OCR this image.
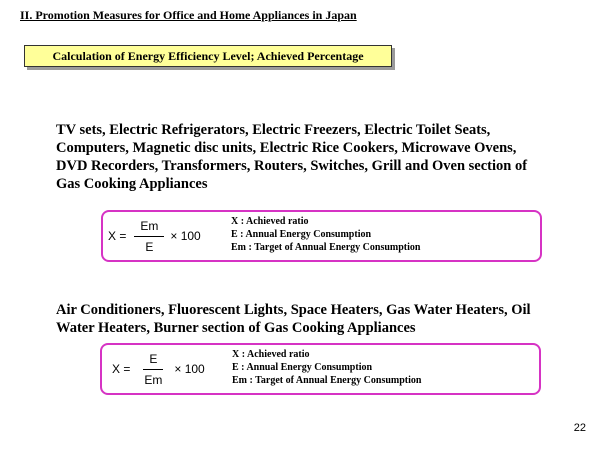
II. Promotion Measures for Office and Home Appliances in Japan
Calculation of Energy Efficiency Level; Achieved Percentage
TV sets, Electric Refrigerators, Electric Freezers, Electric Toilet Seats, Computers, Magnetic disc units, Electric Rice Cookers, Microwave Ovens, DVD Recorders, Transformers, Routers, Switches, Grill and Oven section of Gas Cooking Appliances
$X = \frac{Em}{E} \times 100$
X : Achieved ratio
E : Annual Energy Consumption
Em : Target of Annual Energy Consumption
Air Conditioners, Fluorescent Lights, Space Heaters, Gas Water Heaters, Oil Water Heaters, Burner section of Gas Cooking Appliances
$X = \frac{E}{Em} \times 100$
X : Achieved ratio
E : Annual Energy Consumption
Em : Target of Annual Energy Consumption
22
